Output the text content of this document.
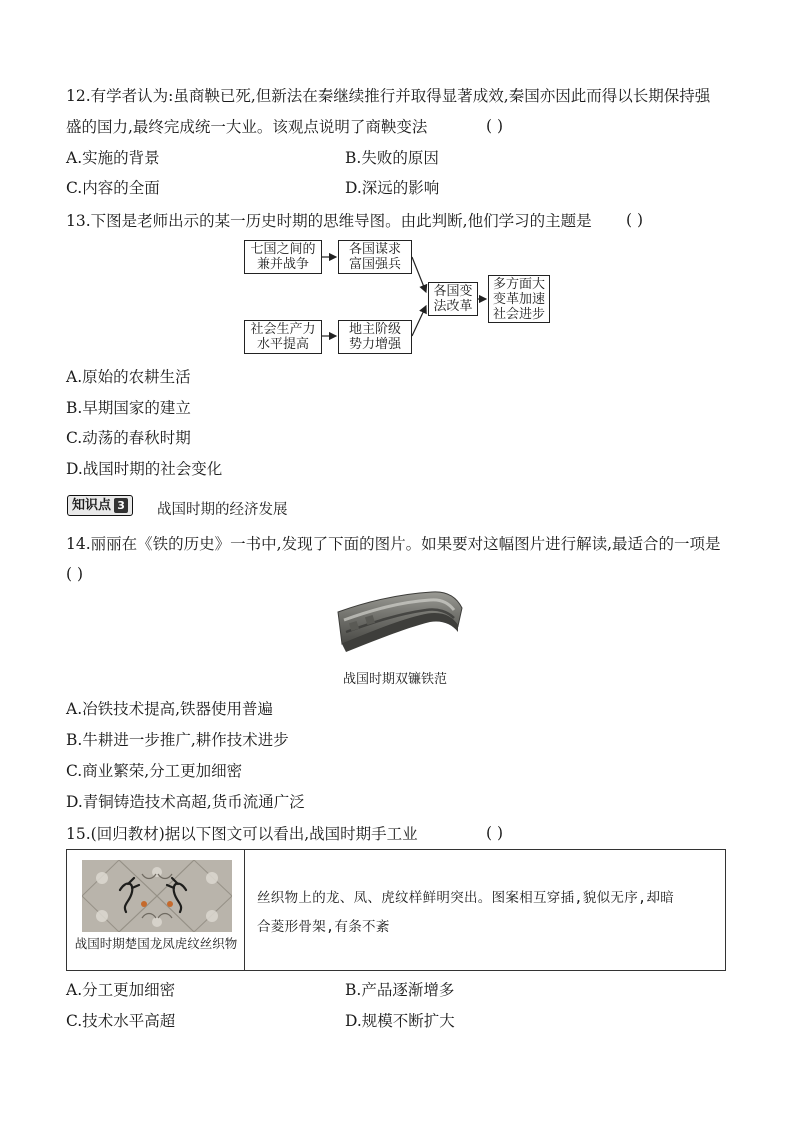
12.有学者认为:虽商鞅已死,但新法在秦继续推行并取得显著成效,秦国亦因此而得以长期保持强
盛的国力,最终完成统一大业。该观点说明了商鞅变法	( )
A.实施的背景	B.失败的原因
C.内容的全面	D.深远的影响
13.下图是老师出示的某一历史时期的思维导图。由此判断,他们学习的主题是 ( )
七国之间的
兼并战争
各国谋求
富国强兵
社会生产力
水平提高
地主阶级
势力增强
各国变
法改革
多方面大
变革加速
社会进步
A.原始的农耕生活
B.早期国家的建立
C.动荡的春秋时期
D.战国时期的社会变化
知识点 3	战国时期的经济发展
14.丽丽在《铁的历史》一书中,发现了下面的图片。如果要对这幅图片进行解读,最适合的一项是
( )
战国时期双镰铁范
A.冶铁技术提高,铁器使用普遍
B.牛耕进一步推广,耕作技术进步
C.商业繁荣,分工更加细密
D.青铜铸造技术高超,货币流通广泛
15.(回归教材)据以下图文可以看出,战国时期手工业	( )
战国时期楚国龙凤虎纹丝织物
丝织物上的龙、凤、虎纹样鲜明突出。图案相互穿插,貌似无序,却暗
合菱形骨架,有条不紊
A.分工更加细密	B.产品逐渐增多
C.技术水平高超	D.规模不断扩大
